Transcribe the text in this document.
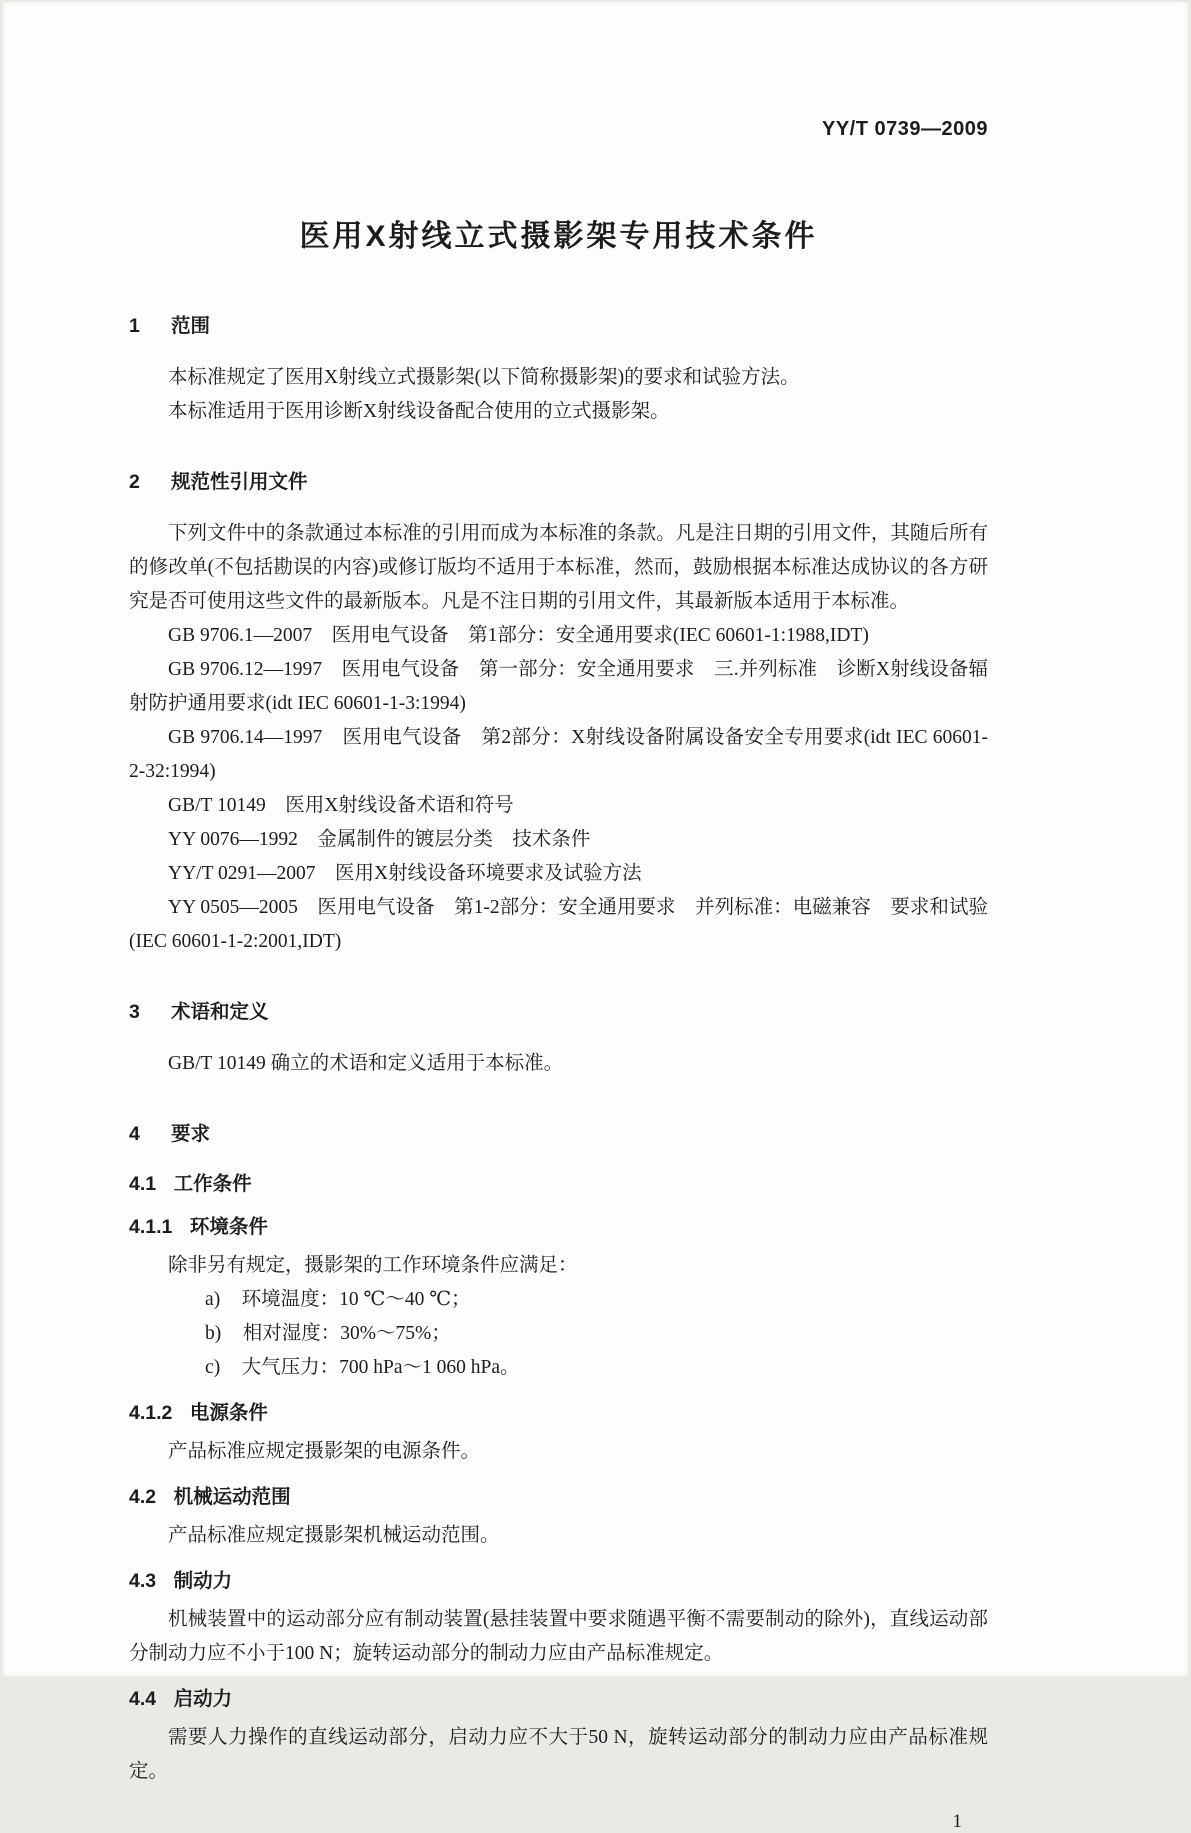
YY/T 0739—2009
医用X射线立式摄影架专用技术条件
1 范围

本标准规定了医用X射线立式摄影架(以下简称摄影架)的要求和试验方法。

本标准适用于医用诊断X射线设备配合使用的立式摄影架。

2 规范性引用文件

下列文件中的条款通过本标准的引用而成为本标准的条款。凡是注日期的引用文件，其随后所有的修改单(不包括勘误的内容)或修订版均不适用于本标准，然而，鼓励根据本标准达成协议的各方研究是否可使用这些文件的最新版本。凡是不注日期的引用文件，其最新版本适用于本标准。

GB 9706.1—2007　医用电气设备　第1部分：安全通用要求(IEC 60601-1:1988,IDT)

GB 9706.12—1997　医用电气设备　第一部分：安全通用要求　三.并列标准　诊断X射线设备辐射防护通用要求(idt IEC 60601-1-3:1994)

GB 9706.14—1997　医用电气设备　第2部分：X射线设备附属设备安全专用要求(idt IEC 60601-2-32:1994)

GB/T 10149　医用X射线设备术语和符号

YY 0076—1992　金属制件的镀层分类　技术条件

YY/T 0291—2007　医用X射线设备环境要求及试验方法

YY 0505—2005　医用电气设备　第1-2部分：安全通用要求　并列标准：电磁兼容　要求和试验(IEC 60601-1-2:2001,IDT)

3 术语和定义

GB/T 10149 确立的术语和定义适用于本标准。

4 要求
4.1 工作条件
4.1.1 环境条件

除非另有规定，摄影架的工作环境条件应满足：

a) 环境温度：10 ℃～40 ℃；

b) 相对湿度：30%～75%；

c) 大气压力：700 hPa～1 060 hPa。

4.1.2 电源条件

产品标准应规定摄影架的电源条件。

4.2 机械运动范围

产品标准应规定摄影架机械运动范围。

4.3 制动力

机械装置中的运动部分应有制动装置(悬挂装置中要求随遇平衡不需要制动的除外)，直线运动部分制动力应不小于100 N；旋转运动部分的制动力应由产品标准规定。

4.4 启动力

需要人力操作的直线运动部分，启动力应不大于50 N，旋转运动部分的制动力应由产品标准规定。

1
